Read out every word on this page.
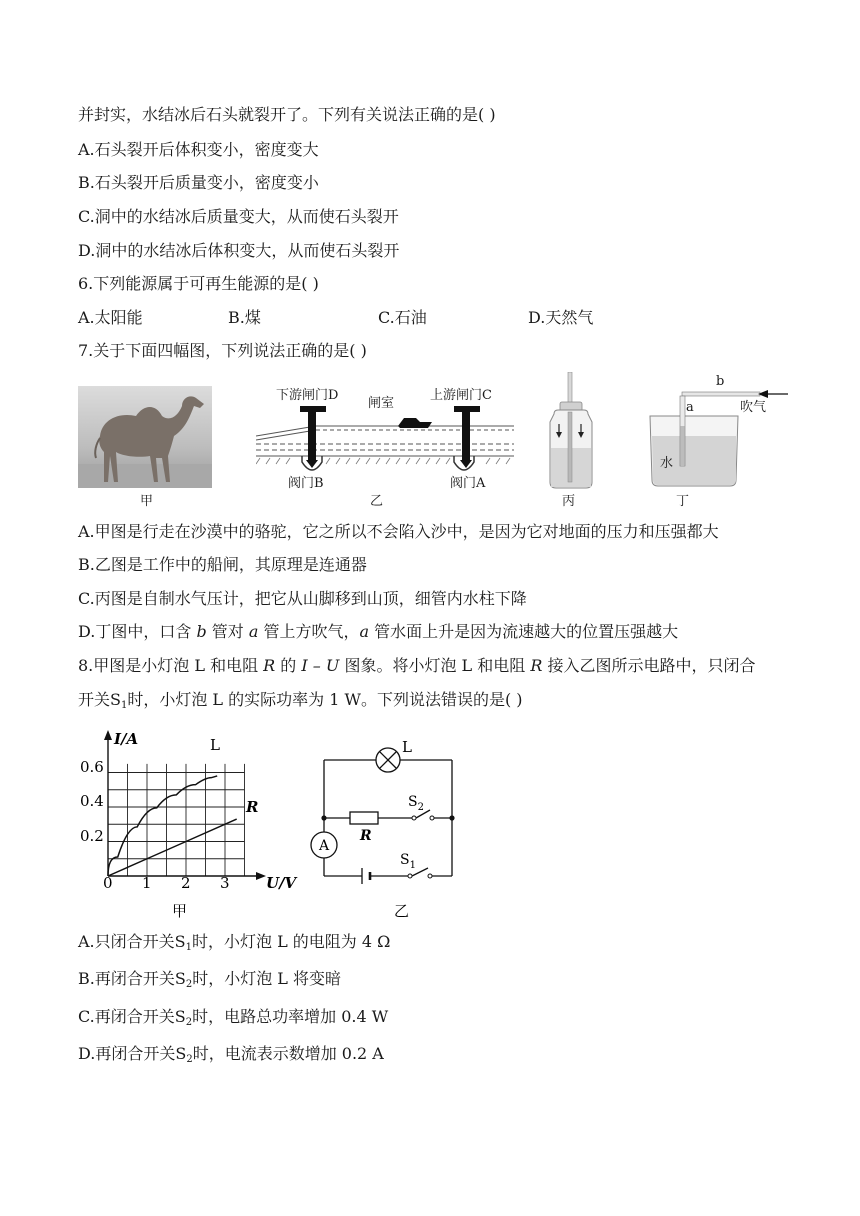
并封实，水结冰后石头就裂开了。下列有关说法正确的是( )
A.石头裂开后体积变小，密度变大
B.石头裂开后质量变小，密度变小
C.洞中的水结冰后质量变大，从而使石头裂开
D.洞中的水结冰后体积变大，从而使石头裂开
6.下列能源属于可再生能源的是( )
A.太阳能	B.煤	C.石油	D.天然气
7.关于下面四幅图，下列说法正确的是( )
甲
下游闸门D
闸室
上游闸门C
阀门B	阀门A
乙	丙
b
a	吹气
水
丁
A.甲图是行走在沙漠中的骆驼，它之所以不会陷入沙中，是因为它对地面的压力和压强都大
B.乙图是工作中的船闸，其原理是连通器
C.丙图是自制水气压计，把它从山脚移到山顶，细管内水柱下降
D.丁图中，口含 b 管对 a 管上方吹气，a 管水面上升是因为流速越大的位置压强越大
8.甲图是小灯泡 L 和电阻 R 的 I – U 图象。将小灯泡 L 和电阻 R 接入乙图所示电路中，只闭合
开关$S_1$时，小灯泡 L 的实际功率为 1 W。下列说法错误的是( )
I/A
U/V
0.6
0.4
0.2
0 1 2 3
L
R
甲
L
R
A
$S_2$
$S_1$
乙
A.只闭合开关$S_1$时，小灯泡 L 的电阻为 4 Ω
B.再闭合开关$S_2$时，小灯泡 L 将变暗
C.再闭合开关$S_2$时，电路总功率增加 0.4 W
D.再闭合开关$S_2$时，电流表示数增加 0.2 A
